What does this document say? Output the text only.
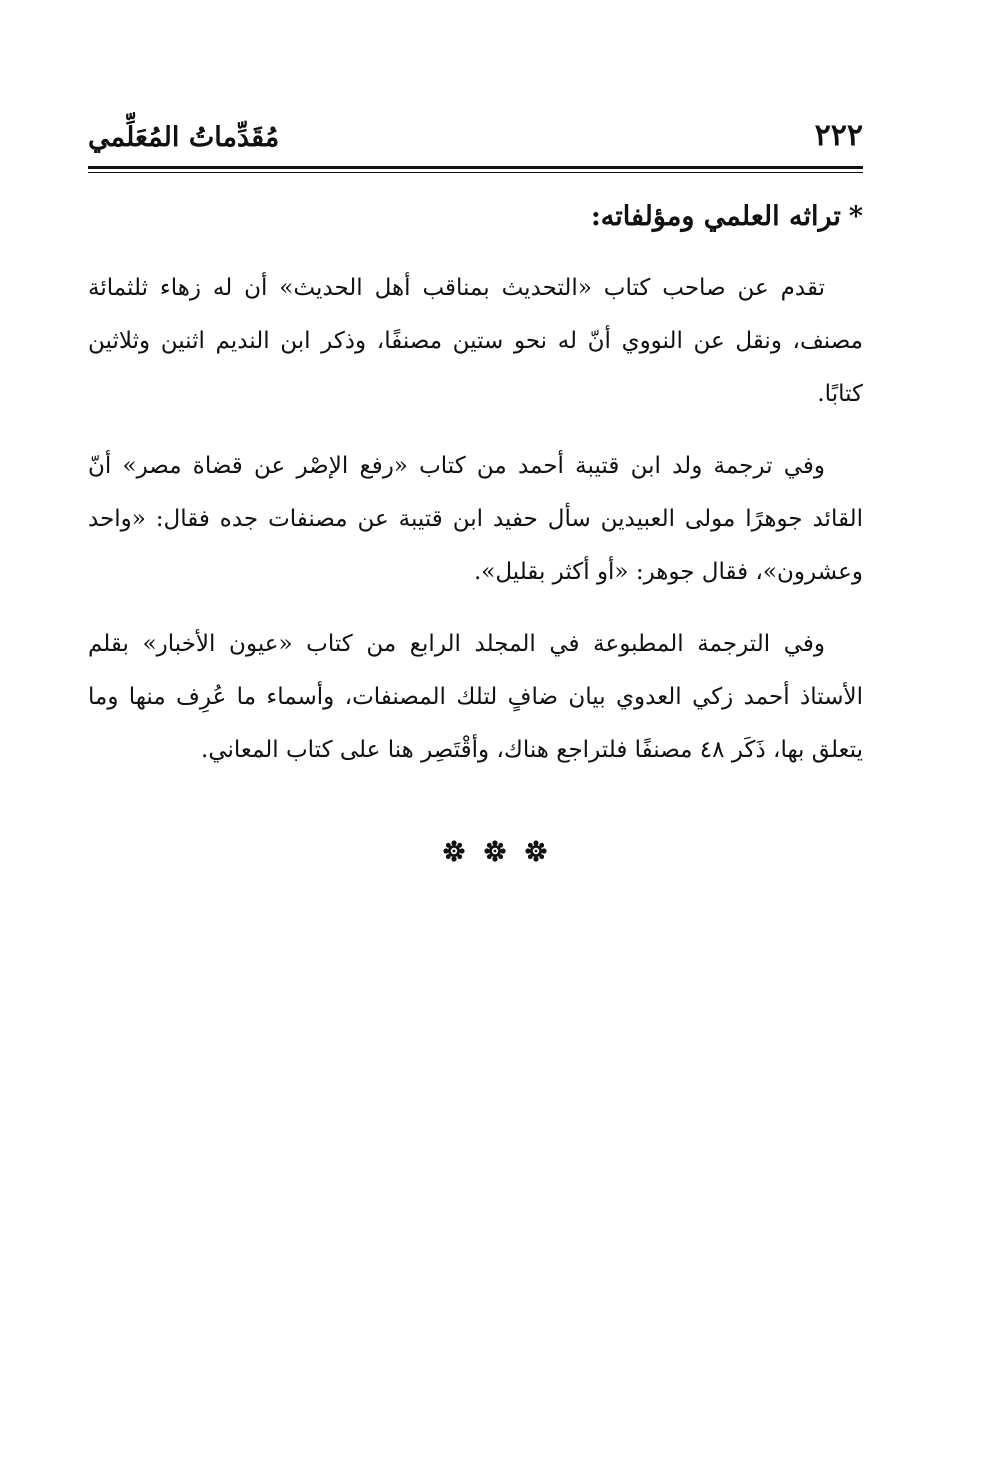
مُقَدِّماتُ المُعَلِّمي	٢٢٢
*تراثه العلمي ومؤلفاته:

تقدم عن صاحب كتاب «التحديث بمناقب أهل الحديث» أن له زهاء ثلثمائة مصنف، ونقل عن النووي أنّ له نحو ستين مصنفًا، وذكر ابن النديم اثنين وثلاثين كتابًا.

وفي ترجمة ولد ابن قتيبة أحمد من كتاب «رفع الإصْر عن قضاة مصر» أنّ القائد جوهرًا مولى العبيدين سأل حفيد ابن قتيبة عن مصنفات جده فقال: «واحد وعشرون»، فقال جوهر: «أو أكثر بقليل».

وفي الترجمة المطبوعة في المجلد الرابع من كتاب «عيون الأخبار» بقلم الأستاذ أحمد زكي العدوي بيان ضافٍ لتلك المصنفات، وأسماء ما عُرِف منها وما يتعلق بها، ذَكَر ٤٨ مصنفًا فلتراجع هناك، وأقْتَصِر هنا على كتاب المعاني.
